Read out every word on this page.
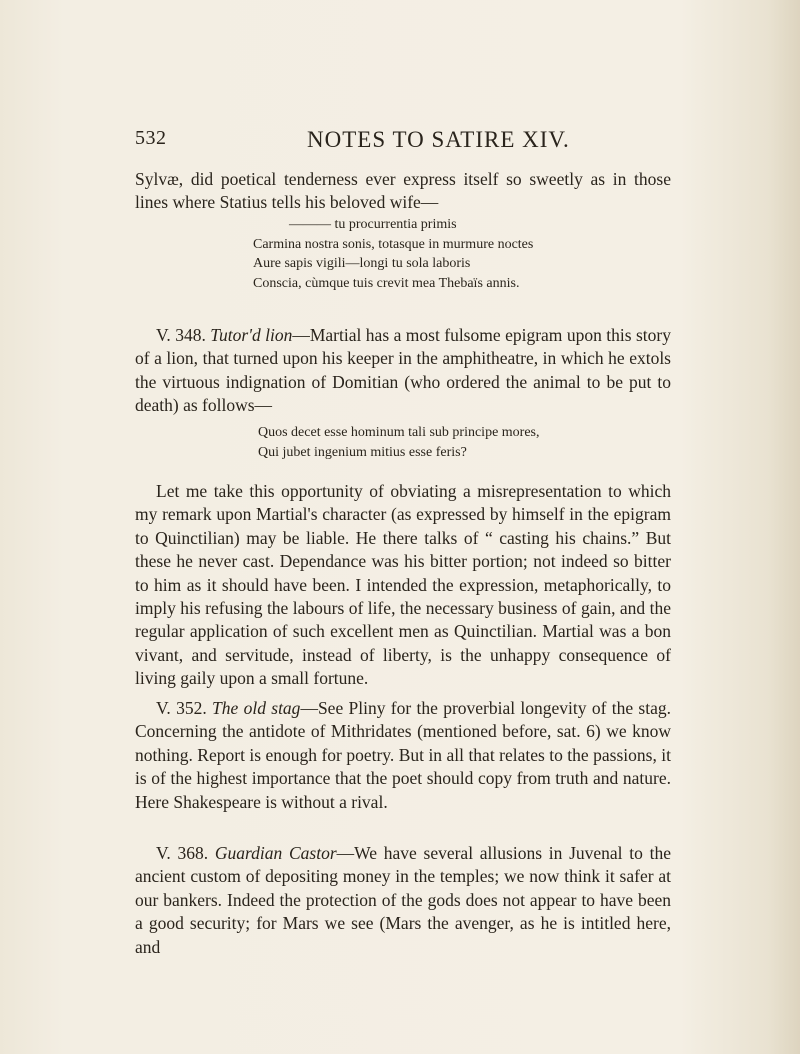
532	NOTES TO SATIRE XIV.

Sylvæ, did poetical tenderness ever express itself so sweetly as in those lines where Statius tells his beloved wife—

——— tu procurrentia primis
Carmina nostra sonis, totasque in murmure noctes
Aure sapis vigili—longi tu sola laboris
Conscia, cùmque tuis crevit mea Thebaïs annis.

V. 348. Tutor'd lion—Martial has a most fulsome epigram upon this story of a lion, that turned upon his keeper in the amphitheatre, in which he extols the virtuous indignation of Domitian (who ordered the animal to be put to death) as follows—

Quos decet esse hominum tali sub principe mores,
Qui jubet ingenium mitius esse feris?

Let me take this opportunity of obviating a misrepresentation to which my remark upon Martial's character (as expressed by himself in the epigram to Quinctilian) may be liable. He there talks of “ casting his chains.” But these he never cast. Dependance was his bitter portion; not indeed so bitter to him as it should have been. I intended the expression, metaphorically, to imply his refusing the labours of life, the necessary business of gain, and the regular application of such excellent men as Quinctilian. Martial was a bon vivant, and servitude, instead of liberty, is the unhappy consequence of living gaily upon a small fortune.

V. 352. The old stag—See Pliny for the proverbial longevity of the stag. Concerning the antidote of Mithridates (mentioned before, sat. 6) we know nothing. Report is enough for poetry. But in all that relates to the passions, it is of the highest importance that the poet should copy from truth and nature. Here Shakespeare is without a rival.

V. 368. Guardian Castor—We have several allusions in Juvenal to the ancient custom of depositing money in the temples; we now think it safer at our bankers. Indeed the protection of the gods does not appear to have been a good security; for Mars we see (Mars the avenger, as he is intitled here, and
